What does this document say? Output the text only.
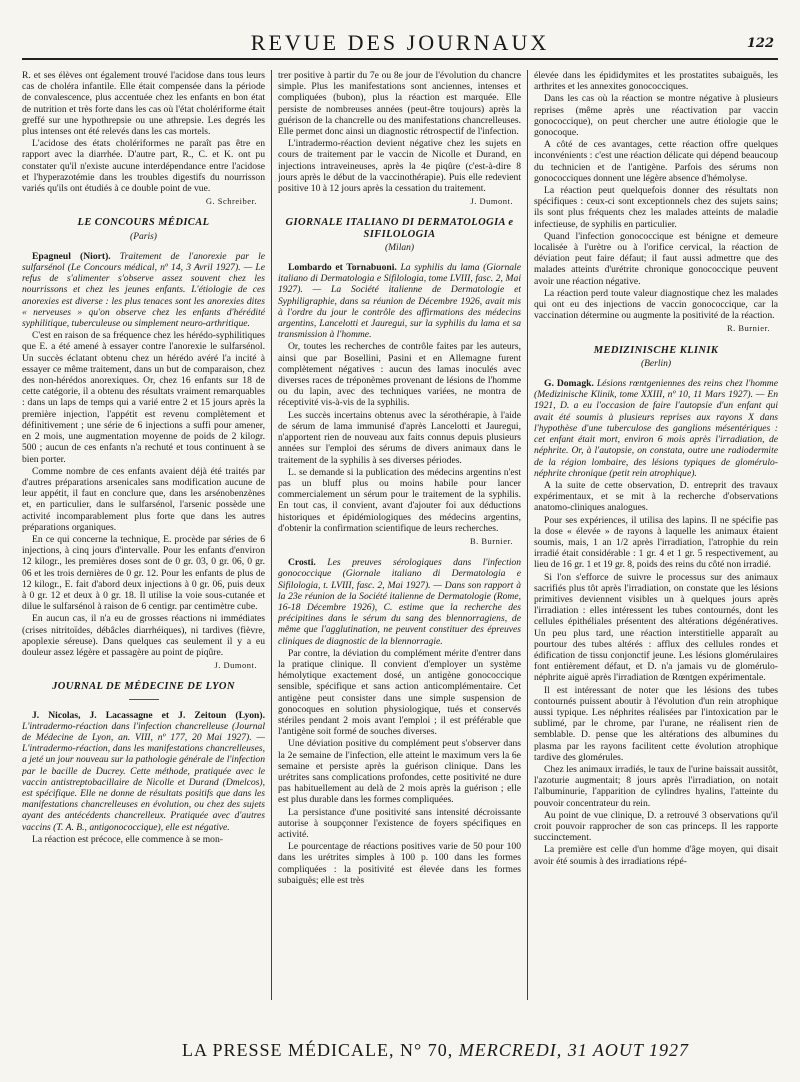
REVUE DES JOURNAUX	122

R. et ses élèves ont également trouvé l'acidose dans tous leurs cas de choléra infantile. Elle était compensée dans la période de convalescence, plus accentuée chez les enfants en bon état de nutrition et très forte dans les cas où l'état cholériforme était greffé sur une hypothrepsie ou une athrepsie. Les degrés les plus intenses ont été relevés dans les cas mortels.

L'acidose des états cholériformes ne paraît pas être en rapport avec la diarrhée. D'autre part, R., C. et K. ont pu constater qu'il n'existe aucune interdépendance entre l'acidose et l'hyperazotémie dans les troubles digestifs du nourrisson variés qu'ils ont étudiés à ce double point de vue.

G. Schreiber.
LE CONCOURS MÉDICAL
(Paris)

Epagneul (Niort). Traitement de l'anorexie par le sulfarsénol (Le Concours médical, nº 14, 3 Avril 1927). — Le refus de s'alimenter s'observe assez souvent chez les nourrissons et chez les jeunes enfants. L'étiologie de ces anorexies est diverse : les plus tenaces sont les anorexies dites « nerveuses » qu'on observe chez les enfants d'hérédité syphilitique, tuberculeuse ou simplement neuro-arthritique.

C'est en raison de sa fréquence chez les hérédo-syphilitiques que E. a été amené à essayer contre l'anorexie le sulfarsénol. Un succès éclatant obtenu chez un hérédo avéré l'a incité à essayer ce même traitement, dans un but de comparaison, chez des non-hérédos anorexiques. Or, chez 16 enfants sur 18 de cette catégorie, il a obtenu des résultats vraiment remarquables : dans un laps de temps qui a varié entre 2 et 15 jours après la première injection, l'appétit est revenu complètement et définitivement ; une série de 6 injections a suffi pour amener, en 2 mois, une augmentation moyenne de poids de 2 kilogr. 500 ; aucun de ces enfants n'a rechuté et tous continuent à se bien porter.

Comme nombre de ces enfants avaient déjà été traités par d'autres préparations arsenicales sans modification aucune de leur appétit, il faut en conclure que, dans les arsénobenzènes et, en particulier, dans le sulfarsénol, l'arsenic possède une activité incomparablement plus forte que dans les autres préparations organiques.

En ce qui concerne la technique, E. procède par séries de 6 injections, à cinq jours d'intervalle. Pour les enfants d'environ 12 kilogr., les premières doses sont de 0 gr. 03, 0 gr. 06, 0 gr. 06 et les trois dernières de 0 gr. 12. Pour les enfants de plus de 12 kilogr., E. fait d'abord deux injections à 0 gr. 06, puis deux à 0 gr. 12 et deux à 0 gr. 18. Il utilise la voie sous-cutanée et dilue le sulfarsénol à raison de 6 centigr. par centimètre cube.

En aucun cas, il n'a eu de grosses réactions ni immédiates (crises nitritoïdes, débâcles diarrhéiques), ni tardives (fièvre, apoplexie séreuse). Dans quelques cas seulement il y a eu douleur assez légère et passagère au point de piqûre.

J. Dumont.
JOURNAL DE MÉDECINE DE LYON

J. Nicolas, J. Lacassagne et J. Zeitoun (Lyon). L'intradermo-réaction dans l'infection chancrelleuse (Journal de Médecine de Lyon, an. VIII, nº 177, 20 Mai 1927). — L'intradermo-réaction, dans les manifestations chancrelleuses, a jeté un jour nouveau sur la pathologie générale de l'infection par le bacille de Ducrey. Cette méthode, pratiquée avec le vaccin antistreptobacillaire de Nicolle et Durand (Dmelcos), est spécifique. Elle ne donne de résultats positifs que dans les manifestations chancrelleuses en évolution, ou chez des sujets ayant des antécédents chancrelleux. Pratiquée avec d'autres vaccins (T. A. B., antigonococcique), elle est négative.

La réaction est précoce, elle commence à se mon-

trer positive à partir du 7e ou 8e jour de l'évolution du chancre simple. Plus les manifestations sont anciennes, intenses et compliquées (bubon), plus la réaction est marquée. Elle persiste de nombreuses années (peut-être toujours) après la guérison de la chancrelle ou des manifestations chancrelleuses. Elle permet donc ainsi un diagnostic rétrospectif de l'infection.

L'intradermo-réaction devient négative chez les sujets en cours de traitement par le vaccin de Nicolle et Durand, en injections intraveineuses, après la 4e piqûre (c'est-à-dire 8 jours après le début de la vaccinothérapie). Puis elle redevient positive 10 à 12 jours après la cessation du traitement.

J. Dumont.
GIORNALE ITALIANO DI DERMATOLOGIA e SIFILOLOGIA
(Milan)

Lombardo et Tornabuoni. La syphilis du lama (Giornale italiano di Dermatologia e Sifilologia, tome LVIII, fasc. 2, Mai 1927). — La Société italienne de Dermatologie et Syphiligraphie, dans sa réunion de Décembre 1926, avait mis à l'ordre du jour le contrôle des affirmations des médecins argentins, Lancelotti et Jauregui, sur la syphilis du lama et sa transmission à l'homme.

Or, toutes les recherches de contrôle faites par les auteurs, ainsi que par Bosellini, Pasini et en Allemagne furent complètement négatives : aucun des lamas inoculés avec diverses races de tréponèmes provenant de lésions de l'homme ou du lapin, avec des techniques variées, ne montra de réceptivité vis-à-vis de la syphilis.

Les succès incertains obtenus avec la sérothérapie, à l'aide de sérum de lama immunisé d'après Lancelotti et Jauregui, n'apportent rien de nouveau aux faits connus depuis plusieurs années sur l'emploi des sérums de divers animaux dans le traitement de la syphilis à ses diverses périodes.

L. se demande si la publication des médecins argentins n'est pas un bluff plus ou moins habile pour lancer commercialement un sérum pour le traitement de la syphilis. En tout cas, il convient, avant d'ajouter foi aux déductions historiques et épidémiologiques des médecins argentins, d'obtenir la confirmation scientifique de leurs recherches.

B. Burnier.

Crosti. Les preuves sérologiques dans l'infection gonococcique (Giornale italiano di Dermatologia e Sifilologia, t. LVIII, fasc. 2, Mai 1927). — Dans son rapport à la 23e réunion de la Société italienne de Dermatologie (Rome, 16-18 Décembre 1926), C. estime que la recherche des précipitines dans le sérum du sang des blennorragiens, de même que l'agglutination, ne peuvent constituer des épreuves cliniques de diagnostic de la blennorragie.

Par contre, la déviation du complément mérite d'entrer dans la pratique clinique. Il convient d'employer un système hémolytique exactement dosé, un antigène gonococcique sensible, spécifique et sans action anticomplémentaire. Cet antigène peut consister dans une simple suspension de gonocoques en solution physiologique, tués et conservés stériles pendant 2 mois avant l'emploi ; il est préférable que l'antigène soit formé de souches diverses.

Une déviation positive du complément peut s'observer dans la 2e semaine de l'infection, elle atteint le maximum vers la 6e semaine et persiste après la guérison clinique. Dans les urétrites sans complications profondes, cette positivité ne dure pas habituellement au delà de 2 mois après la guérison ; elle est plus durable dans les formes compliquées.

La persistance d'une positivité sans intensité décroissante autorise à soupçonner l'existence de foyers spécifiques en activité.

Le pourcentage de réactions positives varie de 50 pour 100 dans les urétrites simples à 100 p. 100 dans les formes compliquées : la positivité est élevée dans les formes subaiguës; elle est très

élevée dans les épididymites et les prostatites subaiguës, les arthrites et les annexites gonococciques.

Dans les cas où la réaction se montre négative à plusieurs reprises (même après une réactivation par vaccin gonococcique), on peut chercher une autre étiologie que le gonocoque.

A côté de ces avantages, cette réaction offre quelques inconvénients : c'est une réaction délicate qui dépend beaucoup du technicien et de l'antigène. Parfois des sérums non gonococciques donnent une légère absence d'hémolyse.

La réaction peut quelquefois donner des résultats non spécifiques : ceux-ci sont exceptionnels chez des sujets sains; ils sont plus fréquents chez les malades atteints de maladie infectieuse, de syphilis en particulier.

Quand l'infection gonococcique est bénigne et demeure localisée à l'urètre ou à l'orifice cervical, la réaction de déviation peut faire défaut; il faut aussi admettre que des malades atteints d'urétrite chronique gonococcique peuvent avoir une réaction négative.

La réaction perd toute valeur diagnostique chez les malades qui ont eu des injections de vaccin gonococcique, car la vaccination détermine ou augmente la positivité de la réaction.

R. Burnier.
MEDIZINISCHE KLINIK
(Berlin)

G. Domagk. Lésions rœntgeniennes des reins chez l'homme (Medizinische Klinik, tome XXIII, nº 10, 11 Mars 1927). — En 1921, D. a eu l'occasion de faire l'autopsie d'un enfant qui avait été soumis à plusieurs reprises aux rayons X dans l'hypothèse d'une tuberculose des ganglions mésentériques : cet enfant était mort, environ 6 mois après l'irradiation, de néphrite. Or, à l'autopsie, on constata, outre une radiodermite de la région lombaire, des lésions typiques de glomérulo-néphrite chronique (petit rein atrophique).

A la suite de cette observation, D. entreprit des travaux expérimentaux, et se mit à la recherche d'observations anatomo-cliniques analogues.

Pour ses expériences, il utilisa des lapins. Il ne spécifie pas la dose « élevée » de rayons à laquelle les animaux étaient soumis, mais, 1 an 1/2 après l'irradiation, l'atrophie du rein irradié était considérable : 1 gr. 4 et 1 gr. 5 respectivement, au lieu de 16 gr. 1 et 19 gr. 8, poids des reins du côté non irradié.

Si l'on s'efforce de suivre le processus sur des animaux sacrifiés plus tôt après l'irradiation, on constate que les lésions primitives deviennent visibles un à quelques jours après l'irradiation : elles intéressent les tubes contournés, dont les cellules épithéliales présentent des altérations dégénératives. Un peu plus tard, une réaction interstitielle apparaît au pourtour des tubes altérés : afflux des cellules rondes et édification de tissu conjonctif jeune. Les lésions glomérulaires font entièrement défaut, et D. n'a jamais vu de glomérulo-néphrite aiguë après l'irradiation de Rœntgen expérimentale.

Il est intéressant de noter que les lésions des tubes contournés puissent aboutir à l'évolution d'un rein atrophique aussi typique. Les néphrites réalisées par l'intoxication par le sublimé, par le chrome, par l'urane, ne réalisent rien de semblable. D. pense que les altérations des albumines du plasma par les rayons facilitent cette évolution atrophique tardive des glomérules.

Chez les animaux irradiés, le taux de l'urine baissait aussitôt, l'azoturie augmentait; 8 jours après l'irradiation, on notait l'albuminurie, l'apparition de cylindres hyalins, l'atteinte du pouvoir concentrateur du rein.

Au point de vue clinique, D. a retrouvé 3 observations qu'il croit pouvoir rapprocher de son cas princeps. Il les rapporte succinctement.

La première est celle d'un homme d'âge moyen, qui disait avoir été soumis à des irradiations répé-

LA PRESSE MÉDICALE, N° 70, MERCREDI, 31 AOUT 1927
